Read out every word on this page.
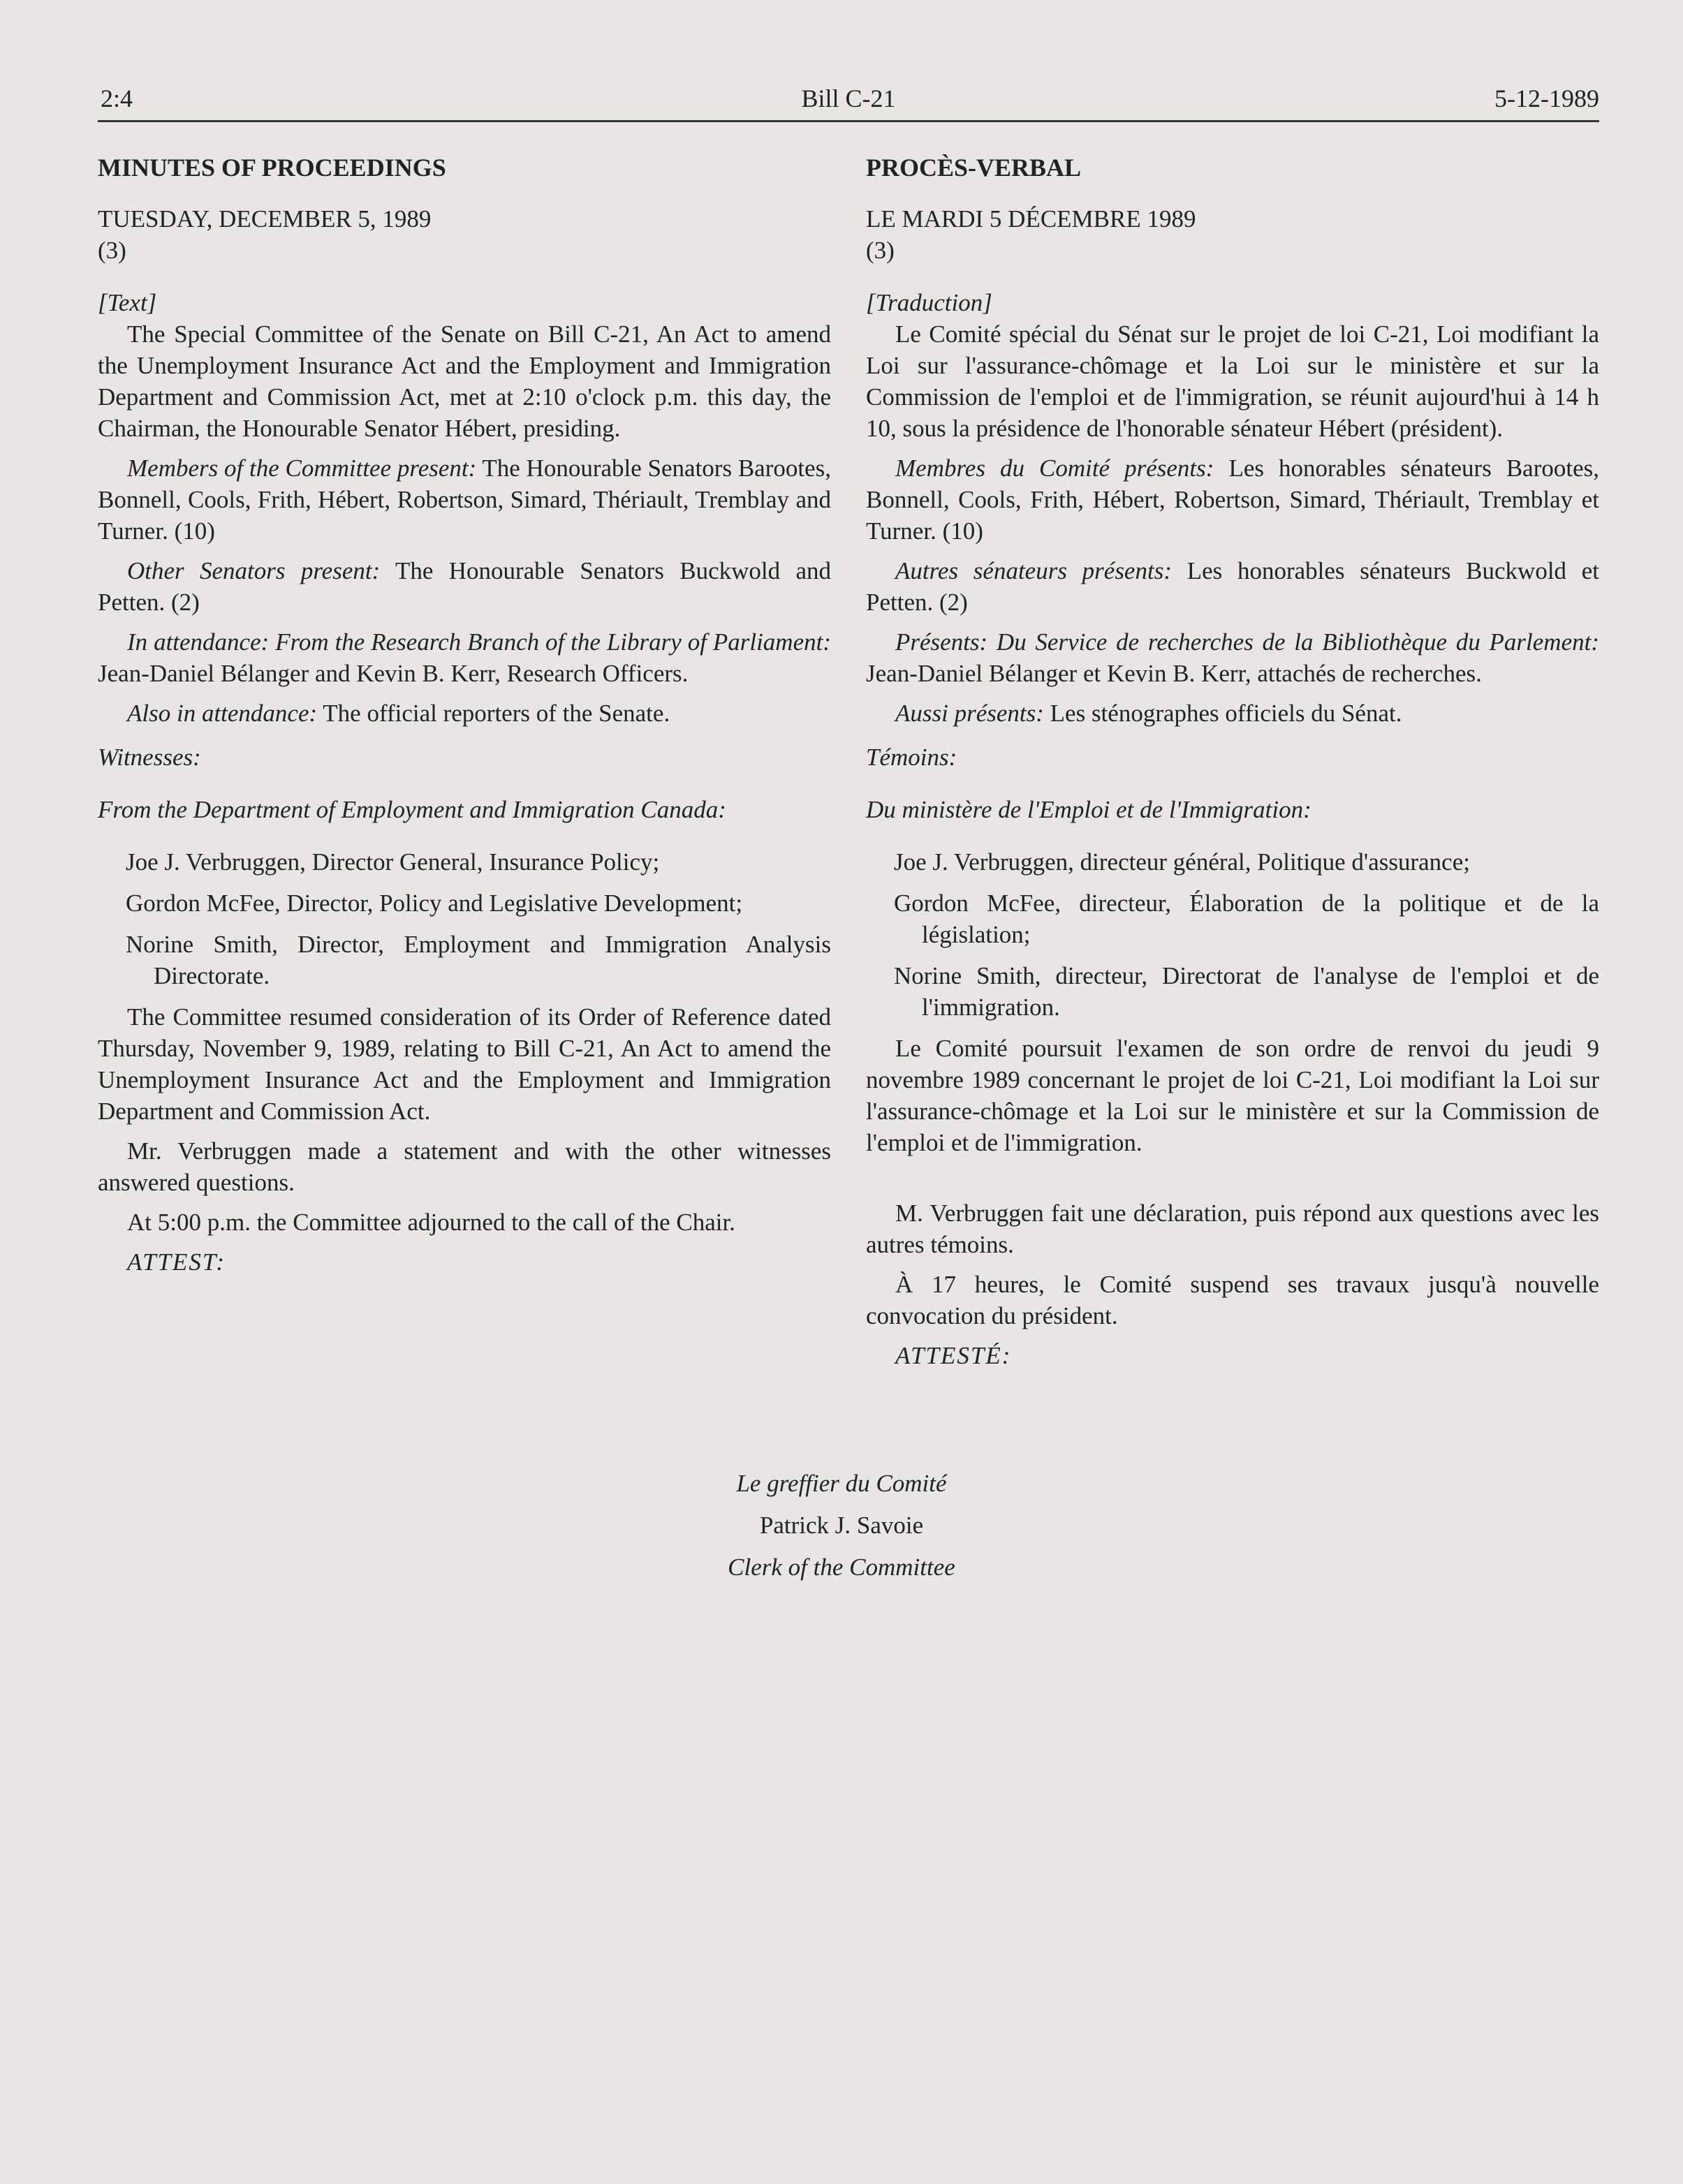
2:4	Bill C-21	5-12-1989
MINUTES OF PROCEEDINGS
TUESDAY, DECEMBER 5, 1989
(3)
[Text]

The Special Committee of the Senate on Bill C-21, An Act to amend the Unemployment Insurance Act and the Employment and Immigration Department and Commission Act, met at 2:10 o'clock p.m. this day, the Chairman, the Honourable Senator Hébert, presiding.

Members of the Committee present: The Honourable Senators Barootes, Bonnell, Cools, Frith, Hébert, Robertson, Simard, Thériault, Tremblay and Turner. (10)

Other Senators present: The Honourable Senators Buckwold and Petten. (2)

In attendance: From the Research Branch of the Library of Parliament: Jean-Daniel Bélanger and Kevin B. Kerr, Research Officers.

Also in attendance: The official reporters of the Senate.

Witnesses:
From the Department of Employment and Immigration Canada:

Joe J. Verbruggen, Director General, Insurance Policy;

Gordon McFee, Director, Policy and Legislative Development;

Norine Smith, Director, Employment and Immigration Analysis Directorate.

The Committee resumed consideration of its Order of Reference dated Thursday, November 9, 1989, relating to Bill C-21, An Act to amend the Unemployment Insurance Act and the Employment and Immigration Department and Commission Act.

Mr. Verbruggen made a statement and with the other witnesses answered questions.

At 5:00 p.m. the Committee adjourned to the call of the Chair.

ATTEST:
PROCÈS-VERBAL
LE MARDI 5 DÉCEMBRE 1989
(3)
[Traduction]

Le Comité spécial du Sénat sur le projet de loi C-21, Loi modifiant la Loi sur l'assurance-chômage et la Loi sur le ministère et sur la Commission de l'emploi et de l'immigration, se réunit aujourd'hui à 14 h 10, sous la présidence de l'honorable sénateur Hébert (président).

Membres du Comité présents: Les honorables sénateurs Barootes, Bonnell, Cools, Frith, Hébert, Robertson, Simard, Thériault, Tremblay et Turner. (10)

Autres sénateurs présents: Les honorables sénateurs Buckwold et Petten. (2)

Présents: Du Service de recherches de la Bibliothèque du Parlement: Jean-Daniel Bélanger et Kevin B. Kerr, attachés de recherches.

Aussi présents: Les sténographes officiels du Sénat.

Témoins:
Du ministère de l'Emploi et de l'Immigration:

Joe J. Verbruggen, directeur général, Politique d'assurance;

Gordon McFee, directeur, Élaboration de la politique et de la législation;

Norine Smith, directeur, Directorat de l'analyse de l'emploi et de l'immigration.

Le Comité poursuit l'examen de son ordre de renvoi du jeudi 9 novembre 1989 concernant le projet de loi C-21, Loi modifiant la Loi sur l'assurance-chômage et la Loi sur le ministère et sur la Commission de l'emploi et de l'immigration.

M. Verbruggen fait une déclaration, puis répond aux questions avec les autres témoins.

À 17 heures, le Comité suspend ses travaux jusqu'à nouvelle convocation du président.

ATTESTÉ:
Le greffier du Comité
Patrick J. Savoie
Clerk of the Committee
